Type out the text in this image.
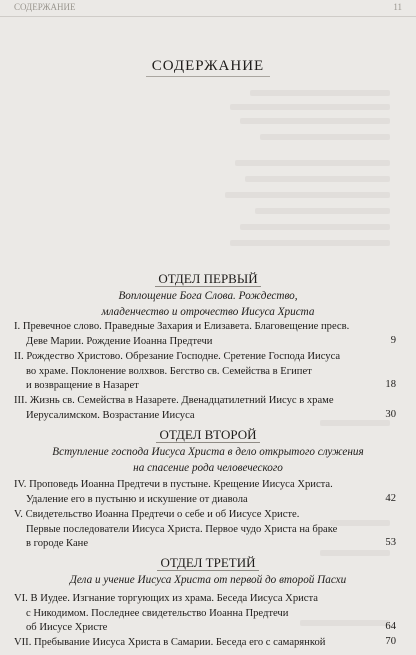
СОДЕРЖАНИЕ	11
СОДЕРЖАНИЕ
ОТДЕЛ ПЕРВЫЙ
Воплощение Бога Слова. Рождество,
младенчество и отрочество Иисуса Христа
I. Превечное слово. Праведные Захария и Елизавета. Благовещение пресв.
Деве Марии. Рождение Иоанна Предтечи	9
II. Рождество Христово. Обрезание Господне. Сретение Господа Иисуса
во храме. Поклонение волхвов. Бегство св. Семейства в Египет
и возвращение в Назарет	18
III. Жизнь св. Семейства в Назарете. Двенадцатилетний Иисус в храме
Иерусалимском. Возрастание Иисуса	30
ОТДЕЛ ВТОРОЙ
Вступление господа Иисуса Христа в дело открытого служения
на спасение рода человеческого
IV. Проповедь Иоанна Предтечи в пустыне. Крещение Иисуса Христа.
Удаление его в пустыню и искушение от диавола	42
V. Свидетельство Иоанна Предтечи о себе и об Иисусе Христе.
Первые последователи Иисуса Христа. Первое чудо Христа на браке
в городе Кане	53
ОТДЕЛ ТРЕТИЙ
Дела и учение Иисуса Христа от первой до второй Пасхи
VI. В Иудее. Изгнание торгующих из храма. Беседа Иисуса Христа
с Никодимом. Последнее свидетельство Иоанна Предтечи
об Иисусе Христе	64
VII. Пребывание Иисуса Христа в Самарии. Беседа его с самарянкой	70
